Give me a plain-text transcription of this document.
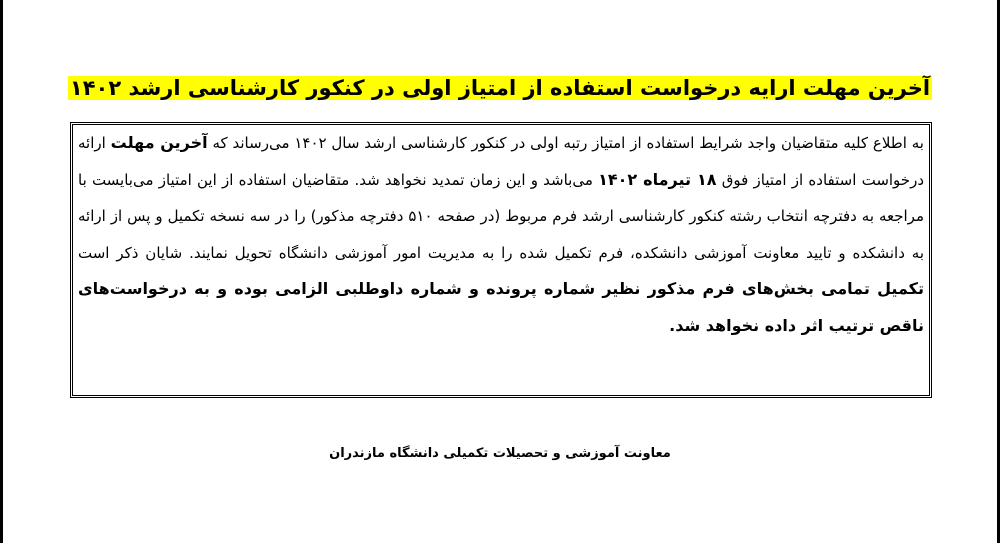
آخرین مهلت ارایه درخواست استفاده از امتیاز اولی در کنکور کارشناسی ارشد ۱۴۰۲

به اطلاع کلیه متقاضیان واجد شرایط استفاده از امتیاز رتبه اولی در کنکور کارشناسی ارشد سال ۱۴۰۲ می‌رساند که آخرین مهلت ارائه درخواست استفاده از امتیاز فوق ۱۸ تیرماه ۱۴۰۲ می‌باشد و این زمان تمدید نخواهد شد. متقاضیان استفاده از این امتیاز می‌بایست با مراجعه به دفترچه انتخاب رشته کنکور کارشناسی ارشد فرم مربوط (در صفحه ۵۱۰ دفترچه مذکور) را در سه نسخه تکمیل و پس از ارائه به دانشکده و تایید معاونت آموزشی دانشکده، فرم تکمیل شده را به مدیریت امور آموزشی دانشگاه تحویل نمایند. شایان ذکر است تکمیل تمامی بخش‌های فرم مذکور نظیر شماره پرونده و شماره داوطلبی الزامی بوده و به درخواست‌های ناقص ترتیب اثر داده نخواهد شد.

معاونت آموزشی و تحصیلات تکمیلی دانشگاه مازندران
